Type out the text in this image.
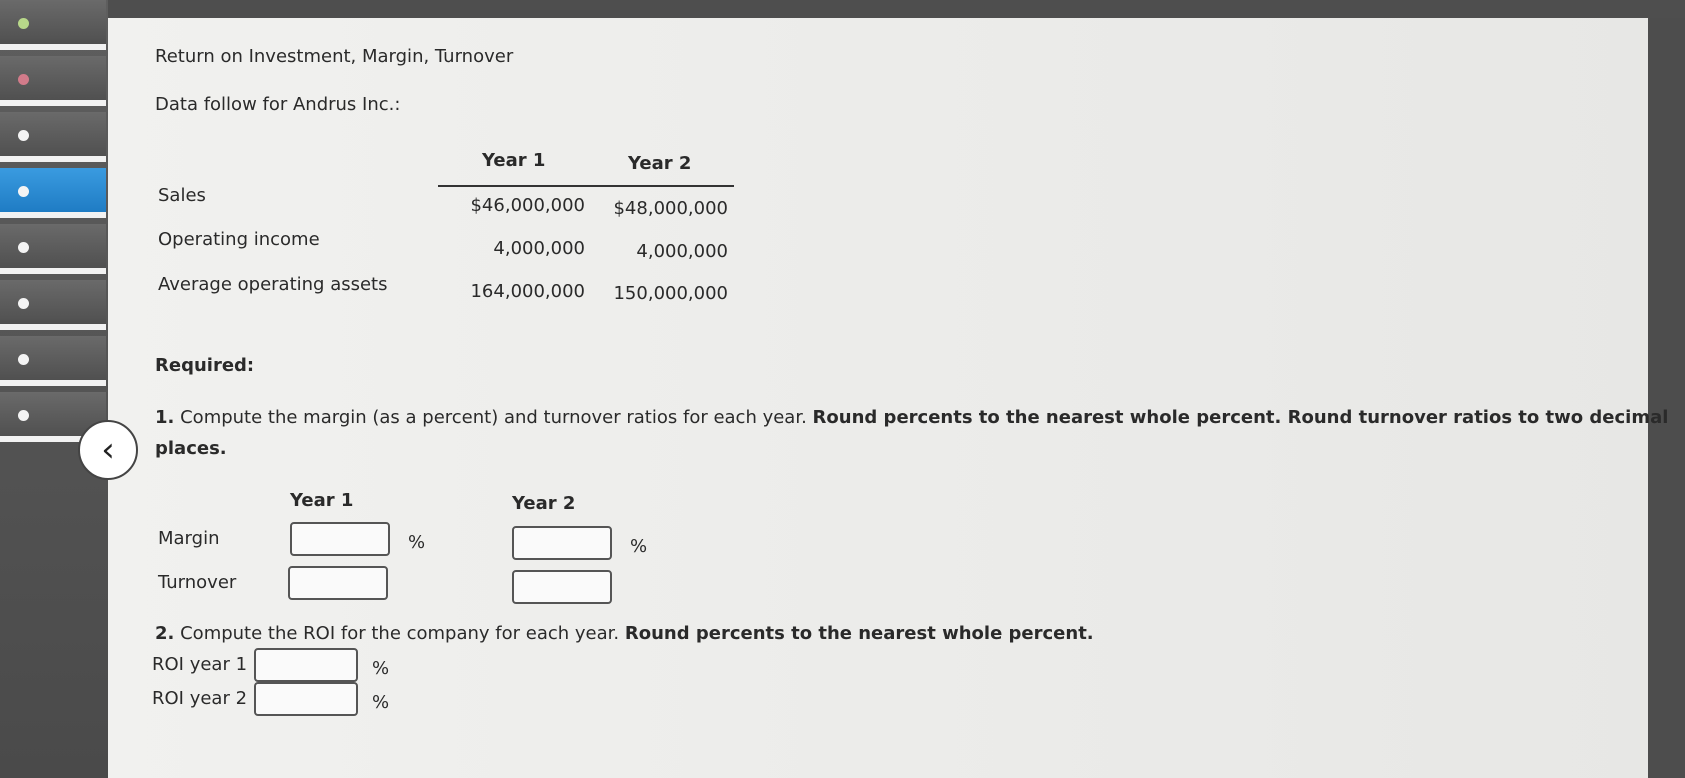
‹
Return on Investment, Margin, Turnover
Data follow for Andrus Inc.:
Year 1	Year 2
Sales	$46,000,000	$48,000,000
Operating income	4,000,000	4,000,000
Average operating assets	164,000,000	150,000,000
Required:
1. Compute the margin (as a percent) and turnover ratios for each year. Round percents to the nearest whole percent. Round turnover ratios to two decimal
places.
Year 1	Year 2
Margin	%	%
Turnover
2. Compute the ROI for the company for each year. Round percents to the nearest whole percent.
ROI year 1	%
ROI year 2	%
